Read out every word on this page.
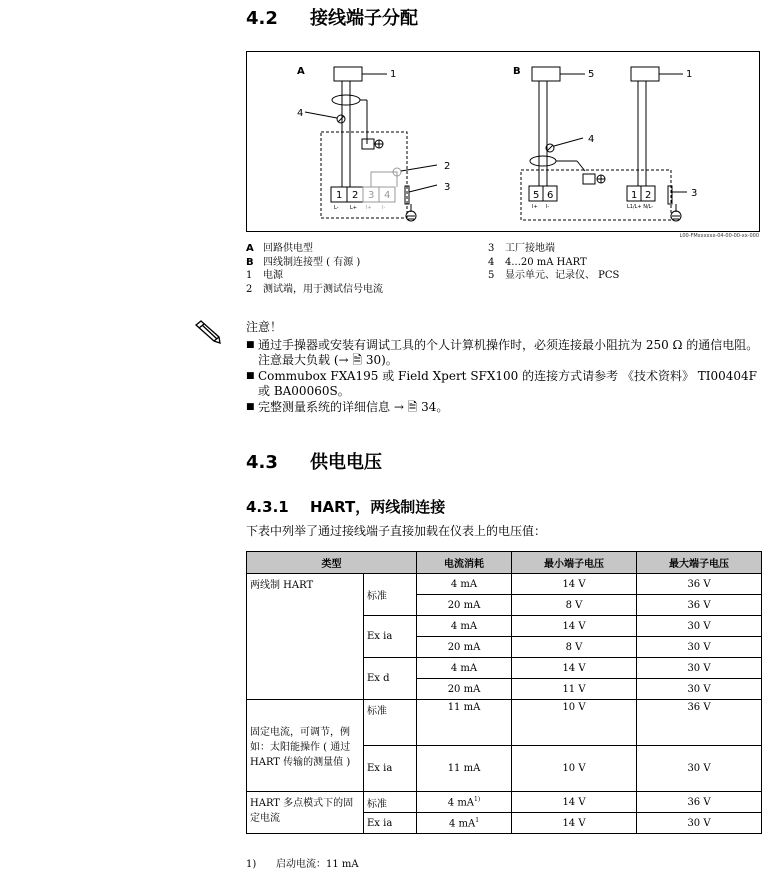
4.2 接线端子分配
A	B
1
4
2
3
5
4
1
3
1 2 3 4	5 6	1 2
L- L+ I+ I-	I+ I-	L1/L+ N/L-
L00-FMxxxxxx-04-00-00-xx-000
A 回路供电型
B 四线制连接型 ( 有源 )
1 电源
2 测试端，用于测试信号电流
3 工厂接地端
4 4...20 mA HART
5 显示单元、记录仪、 PCS
注意！
■ 通过手操器或安装有调试工具的个人计算机操作时，必须连接最小阻抗为 250 Ω 的通信电阻。注意最大负载 (→ 🗎 30)。
■ Commubox FXA195 或 Field Xpert SFX100 的连接方式请参考 《技术资料》 TI00404F 或 BA00060S。
■ 完整测量系统的详细信息 → 🗎 34。
4.3 供电电压
4.3.1 HART，两线制连接
下表中列举了通过接线端子直接加载在仪表上的电压值：
类型		电流消耗	最小端子电压	最大端子电压
两线制 HART	标准	4 mA	14 V	36 V
		20 mA	8 V	36 V
	Ex ia	4 mA	14 V	30 V
		20 mA	8 V	30 V
	Ex d	4 mA	14 V	30 V
		20 mA	11 V	30 V
固定电流，可调节，例如：太阳能操作 ( 通过 HART 传输的测量值 )	标准	11 mA	10 V	36 V
	Ex ia	11 mA	10 V	30 V
HART 多点模式下的固定电流	标准	4 $mA^{1)}$	14 V	36 V
	Ex ia	4 $mA^1$	14 V	30 V
1) 启动电流：11 mA
